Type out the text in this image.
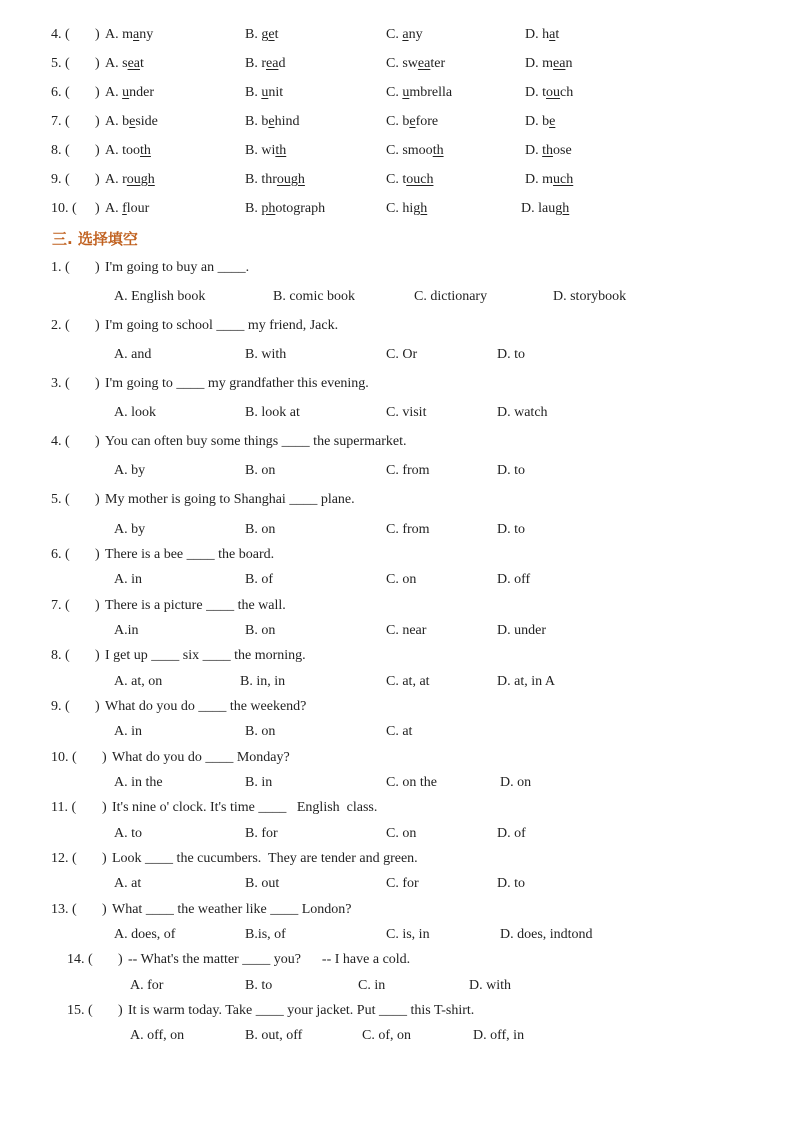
4. ( ) A. many	B. get	C. any	D. hat
5. ( ) A. seat	B. read	C. sweater	D. mean
6. ( ) A. under	B. unit	C. umbrella	D. touch
7. ( ) A. beside	B. behind	C. before	D. be
8. ( ) A. tooth	B. with	C. smooth	D. those
9. ( ) A. rough	B. through	C. touch	D. much
10. ( ) A. flour	B. photograph	C. high	D. laugh
三. 选择填空
1. ( ) I'm going to buy an ____.
A. English book	B. comic book	C. dictionary	D. storybook
2. ( ) I'm going to school ____ my friend, Jack.
A. and	B. with	C. Or	D. to
3. ( ) I'm going to ____ my grandfather this evening.
A. look	B. look at	C. visit	D. watch
4. ( ) You can often buy some things ____ the supermarket.
A. by	B. on	C. from	D. to
5. ( ) My mother is going to Shanghai ____ plane.
A. by	B. on	C. from	D. to
6. ( ) There is a bee ____ the board.
A. in	B. of	C. on	D. off
7. ( ) There is a picture ____ the wall.
A.in	B. on	C. near	D. under
8. ( ) I get up ____ six ____ the morning.
A. at, on	B. in, in	C. at, at	D. at, in A
9. ( ) What do you do ____ the weekend?
A. in	B. on	C. at
10. ( ) What do you do ____ Monday?
A. in the	B. in	C. on the	D. on
11. ( ) It's nine o' clock. It's time ____   English  class.
A. to	B. for	C. on	D. of
12. ( ) Look ____ the cucumbers.  They are tender and green.
A. at	B. out	C. for	D. to
13. ( ) What ____ the weather like ____ London?
A. does, of	B.is, of	C. is, in	D. does, indtond
14. ( ) -- What's the matter ____ you?      -- I have a cold.
A. for	B. to	C. in	D. with
15. ( ) It is warm today. Take ____ your jacket. Put ____ this T-shirt.
A. off, on	B. out, off	C. of, on	D. off, in
